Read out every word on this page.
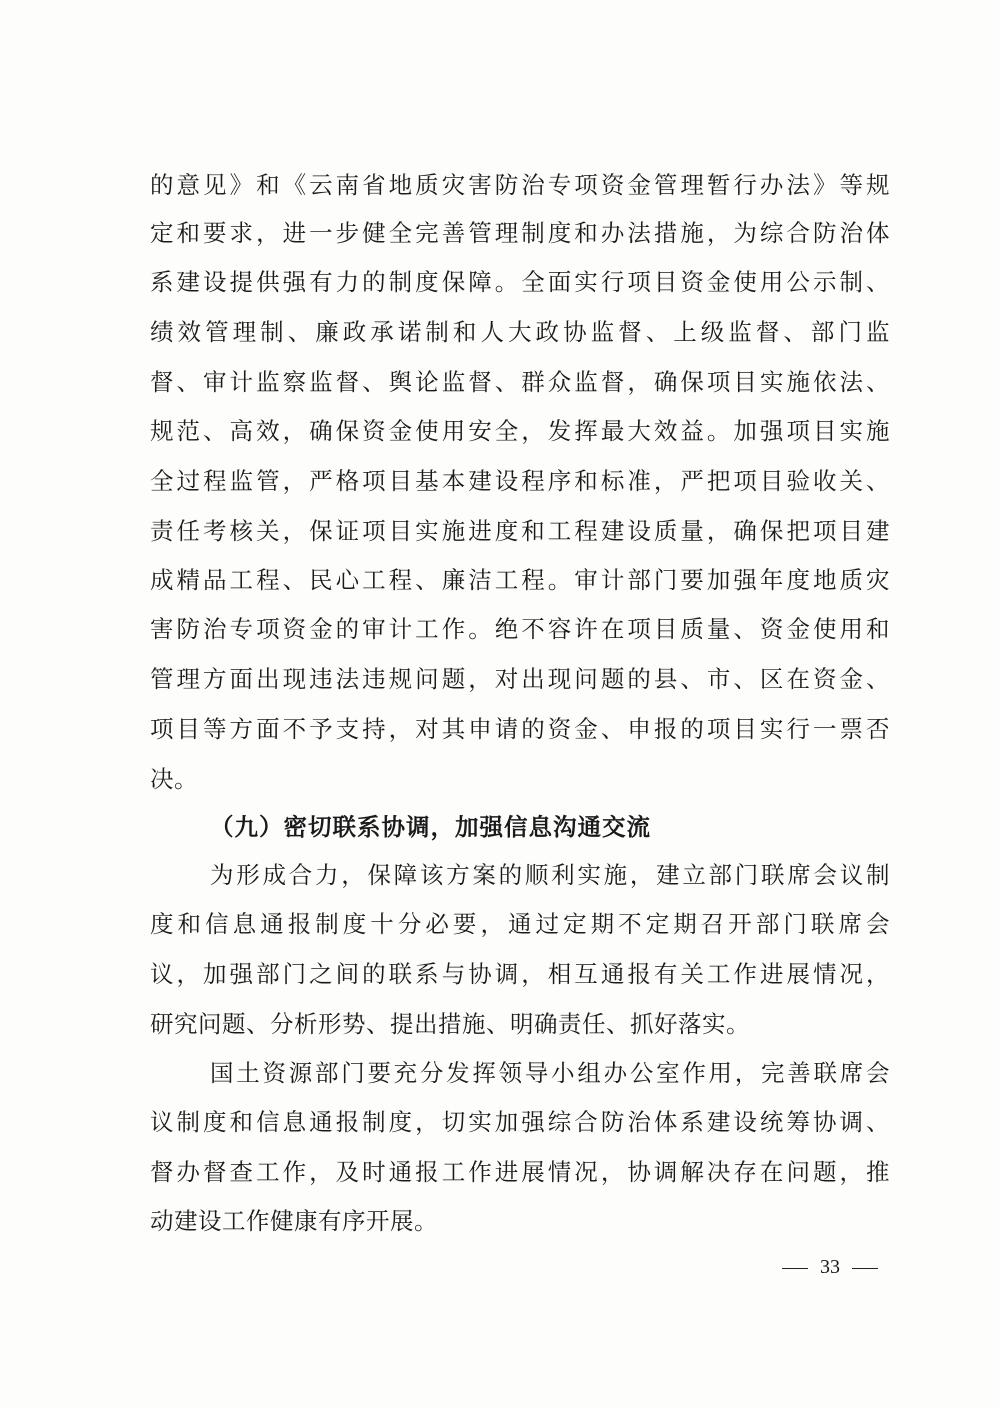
的意见》和《云南省地质灾害防治专项资金管理暂行办法》等规
定和要求，进一步健全完善管理制度和办法措施，为综合防治体
系建设提供强有力的制度保障。全面实行项目资金使用公示制、
绩效管理制、廉政承诺制和人大政协监督、上级监督、部门监
督、审计监察监督、舆论监督、群众监督，确保项目实施依法、
规范、高效，确保资金使用安全，发挥最大效益。加强项目实施
全过程监管，严格项目基本建设程序和标准，严把项目验收关、
责任考核关，保证项目实施进度和工程建设质量，确保把项目建
成精品工程、民心工程、廉洁工程。审计部门要加强年度地质灾
害防治专项资金的审计工作。绝不容许在项目质量、资金使用和
管理方面出现违法违规问题，对出现问题的县、市、区在资金、
项目等方面不予支持，对其申请的资金、申报的项目实行一票否
决。
（九）密切联系协调，加强信息沟通交流
为形成合力，保障该方案的顺利实施，建立部门联席会议制
度和信息通报制度十分必要，通过定期不定期召开部门联席会
议，加强部门之间的联系与协调，相互通报有关工作进展情况，
研究问题、分析形势、提出措施、明确责任、抓好落实。
国土资源部门要充分发挥领导小组办公室作用，完善联席会
议制度和信息通报制度，切实加强综合防治体系建设统筹协调、
督办督查工作，及时通报工作进展情况，协调解决存在问题，推
动建设工作健康有序开展。
33
